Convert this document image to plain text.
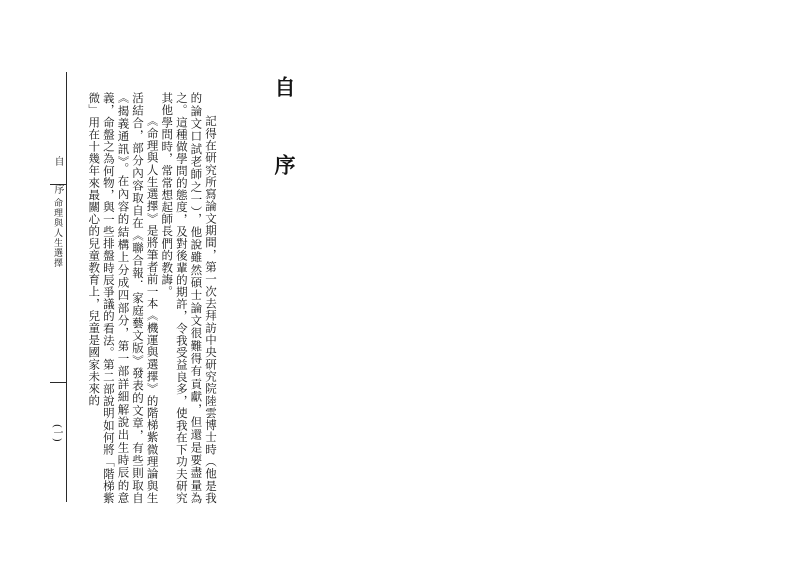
自　序
命理與人生選擇
(一)
自　序

記得在研究所寫論文期間，第一次去拜訪中央研究院陸雲博士時（他是我的論文口試老師之一），他說雖然碩士論文很難得有貢獻，但還是要盡量為之。這種做學問的態度，及對後輩的期許，令我受益良多，使我在下功夫研究其他學問時，常常想起師長們的教誨。

《命理與人生選擇》是將筆者前一本《機運與選擇》的階梯紫微理論與生活結合，部分內容取自在《聯合報．家庭藝文版》發表的文章，有些則取自《揭義通訊》。在內容的結構上分成四部分，第一部詳細解說出生時辰的意義，命盤之為何物，與一些排盤時辰爭議的看法。第二部說明如何將「階梯紫微」用在十幾年來最關心的兒童教育上，兒童是國家未來的
